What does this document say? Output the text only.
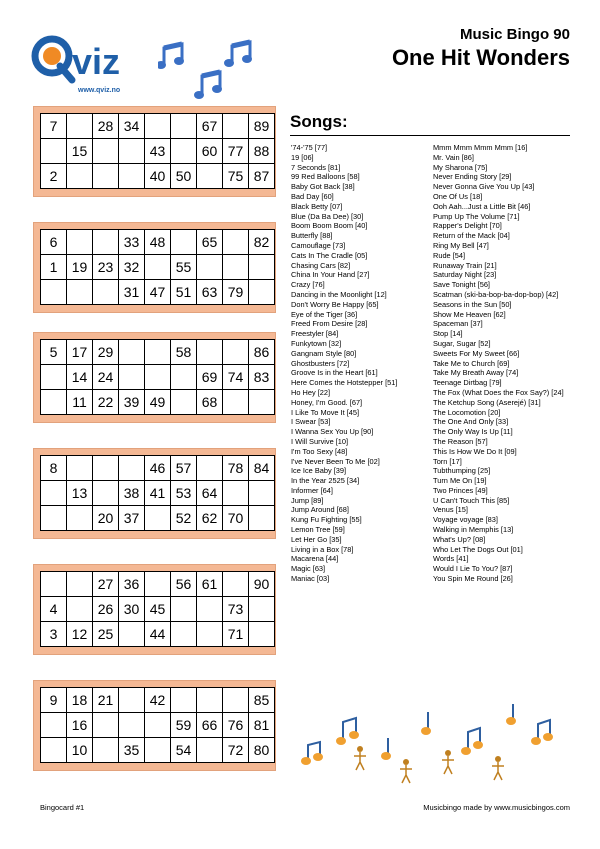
viz
www.qviz.no
Music Bingo 90
One Hit Wonders
7		28	34			67		89
	15			43		60	77	88
2				40	50		75	87
6			33	48		65		82
1	19	23	32		55			
			31	47	51	63	79	
5	17	29			58			86
	14	24				69	74	83
	11	22	39	49		68		
8				46	57		78	84
	13		38	41	53	64		
		20	37		52	62	70	
		27	36		56	61		90
4		26	30	45			73	
3	12	25		44			71	
9	18	21		42				85
	16				59	66	76	81
	10		35		54		72	80
Songs:
'74-'75 [77]
19 [06]
7 Seconds [81]
99 Red Balloons [58]
Baby Got Back [38]
Bad Day [60]
Black Betty [07]
Blue (Da Ba Dee) [30]
Boom Boom Boom [40]
Butterfly [88]
Camouflage [73]
Cats In The Cradle [05]
Chasing Cars [82]
China In Your Hand [27]
Crazy [76]
Dancing in the Moonlight [12]
Don't Worry Be Happy [65]
Eye of the Tiger [36]
Freed From Desire [28]
Freestyler [84]
Funkytown [32]
Gangnam Style [80]
Ghostbusters [72]
Groove Is in the Heart [61]
Here Comes the Hotstepper [51]
Ho Hey [22]
Honey, I'm Good. [67]
I Like To Move It [45]
I Swear [53]
I Wanna Sex You Up [90]
I Will Survive [10]
I'm Too Sexy [48]
I've Never Been To Me [02]
Ice Ice Baby [39]
In the Year 2525 [34]
Informer [64]
Jump [89]
Jump Around [68]
Kung Fu Fighting [55]
Lemon Tree [59]
Let Her Go [35]
Living in a Box [78]
Macarena [44]
Magic [63]
Maniac [03]
Mmm Mmm Mmm Mmm [16]
Mr. Vain [86]
My Sharona [75]
Never Ending Story [29]
Never Gonna Give You Up [43]
One Of Us [18]
Ooh Aah...Just a Little Bit [46]
Pump Up The Volume [71]
Rapper's Delight [70]
Return of the Mack [04]
Ring My Bell [47]
Rude [54]
Runaway Train [21]
Saturday Night [23]
Save Tonight [56]
Scatman (ski-ba-bop-ba-dop-bop) [42]
Seasons in the Sun [50]
Show Me Heaven [62]
Spaceman [37]
Stop [14]
Sugar, Sugar [52]
Sweets For My Sweet [66]
Take Me to Church [69]
Take My Breath Away [74]
Teenage Dirtbag [79]
The Fox (What Does the Fox Say?) [24]
The Ketchup Song (Aserejé) [31]
The Locomotion [20]
The One And Only [33]
The Only Way Is Up [11]
The Reason [57]
This Is How We Do It [09]
Torn [17]
Tubthumping [25]
Turn Me On [19]
Two Princes [49]
U Can't Touch This [85]
Venus [15]
Voyage voyage [83]
Walking in Memphis [13]
What's Up? [08]
Who Let The Dogs Out [01]
Words [41]
Would I Lie To You? [87]
You Spin Me Round [26]
Bingocard #1	Musicbingo made by www.musicbingos.com
